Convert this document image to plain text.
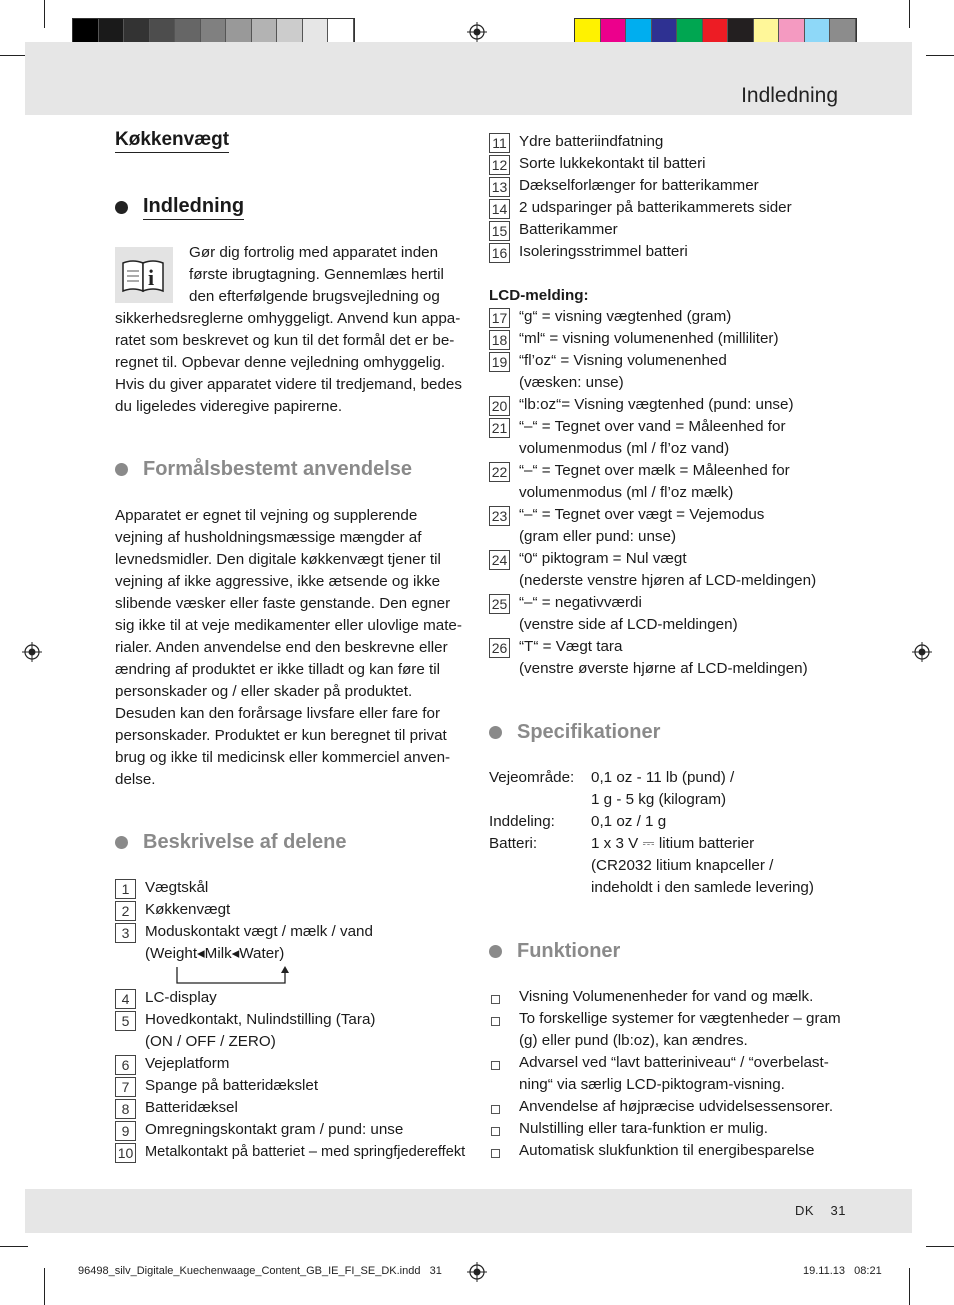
Indledning
DK    31
96498_silv_Digitale_Kuechenwaage_Content_GB_IE_FI_SE_DK.indd   31	19.11.13   08:21
Køkkenvægt
Indledning
i
Gør dig fortrolig med apparatet inden
første ibrugtagning. Gennemlæs hertil
den efterfølgende brugsvejledning og
sikkerhedsreglerne omhyggeligt. Anvend kun appa-
ratet som beskrevet og kun til det formål det er be-
regnet til. Opbevar denne vejledning omhyggelig.
Hvis du giver apparatet videre til tredjemand, bedes
du ligeledes videregive papirerne.
Formålsbestemt anvendelse
Apparatet er egnet til vejning og supplerende
vejning af husholdningsmæssige mængder af
levnedsmidler. Den digitale køkkenvægt tjener til
vejning af ikke aggressive, ikke ætsende og ikke
slibende væsker eller faste genstande. Den egner
sig ikke til at veje medikamenter eller ulovlige mate-
rialer. Anden anvendelse end den beskrevne eller
ændring af produktet er ikke tilladt og kan føre til
personskader og / eller skader på produktet.
Desuden kan den forårsage livsfare eller fare for
personskader. Produktet er kun beregnet til privat
brug og ikke til medicinsk eller kommerciel anven-
delse.
Beskrivelse af delene
1	Vægtskål
2	Køkkenvægt
3	Moduskontakt vægt / mælk / vand
(Weight◂Milk◂Water)
4	LC-display
5	Hovedkontakt, Nulindstilling (Tara)
(ON / OFF / ZERO)
6	Vejeplatform
7	Spange på batteridækslet
8	Batteridæksel
9	Omregningskontakt gram / pund: unse
10 Metalkontakt på batteriet – med springfjedereffekt
11 Ydre batteriindfatning
12 Sorte lukkekontakt til batteri
13 Dækselforlænger for batterikammer
14 2 udsparinger på batterikammerets sider
15 Batterikammer
16 Isoleringsstrimmel batteri
LCD-melding:
17 “g“ = visning vægtenhed (gram)
18 “ml“ = visning volumenenhed (milliliter)
19 “fl’oz“ = Visning volumenenhed
(væsken: unse)
20 “lb:oz“= Visning vægtenhed (pund: unse)
21 “–“ = Tegnet over vand = Måleenhed for
volumenmodus (ml / fl’oz vand)
22 “–“ = Tegnet over mælk = Måleenhed for
volumenmodus (ml / fl’oz mælk)
23 “–“ = Tegnet over vægt = Vejemodus
(gram eller pund: unse)
24 “0“ piktogram = Nul vægt
(nederste venstre hjøren af LCD-meldingen)
25 “–“ = negativværdi
(venstre side af LCD-meldingen)
26 “T“ = Vægt tara
(venstre øverste hjørne af LCD-meldingen)
Specifikationer
Vejeområde:	0,1 oz - 11 lb (pund) /
1 g - 5 kg (kilogram)
Inddeling:	0,1 oz / 1 g
Batteri:	1 x 3 V ⎓ litium batterier
(CR2032 litium knapceller /
indeholdt i den samlede levering)
Funktioner
Visning Volumenenheder for vand og mælk.
To forskellige systemer for vægtenheder – gram
(g) eller pund (lb:oz), kan ændres.
Advarsel ved “lavt batteriniveau“ / “overbelast-
ning“ via særlig LCD-piktogram-visning.
Anvendelse af højpræcise udvidelsessensorer.
Nulstilling eller tara-funktion er mulig.
Automatisk slukfunktion til energibesparelse
